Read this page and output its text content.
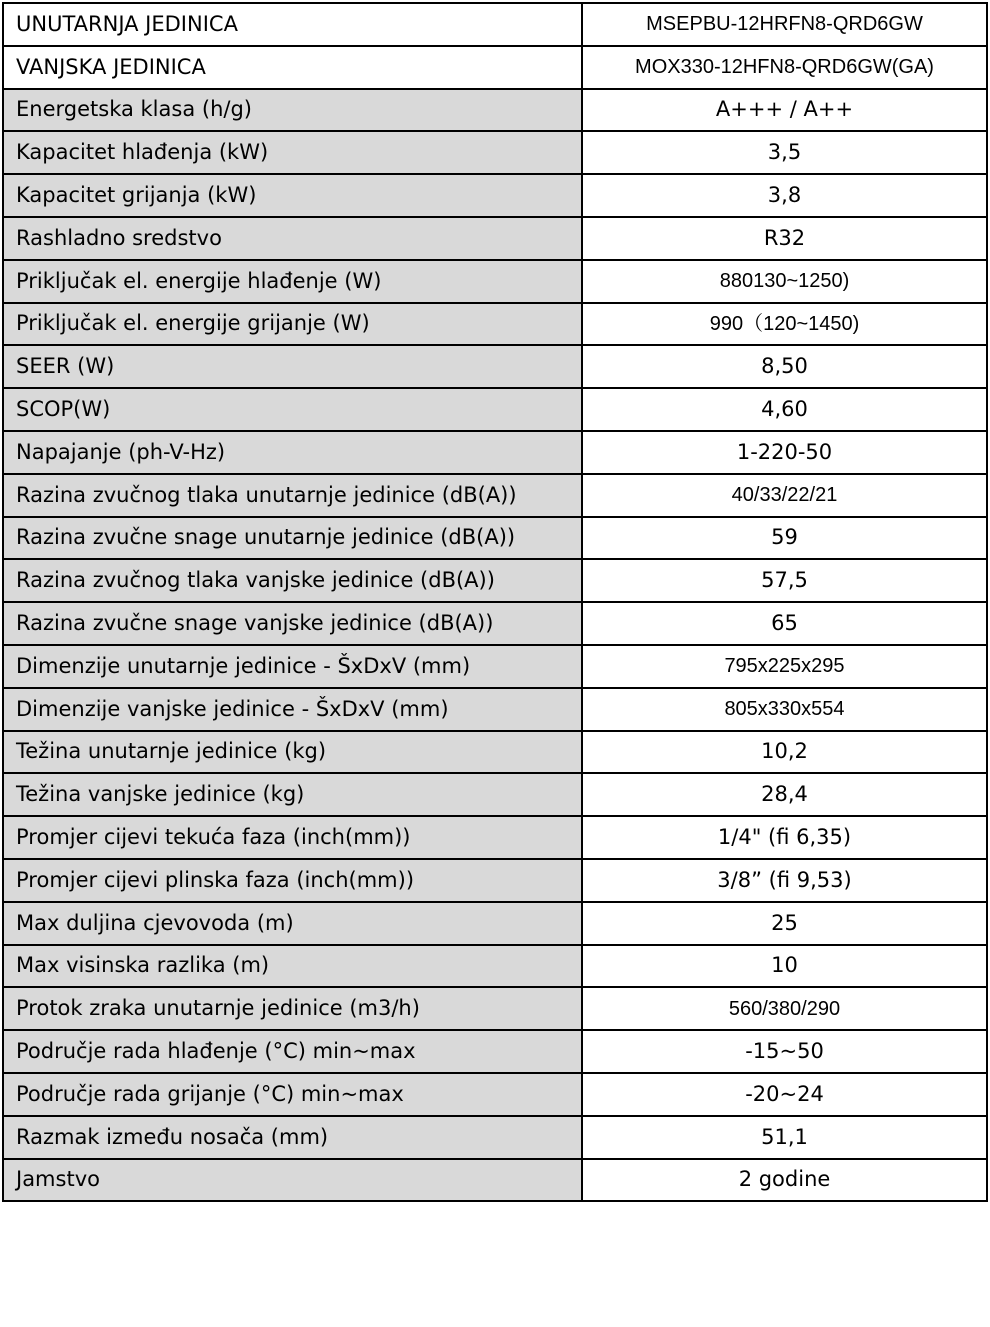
UNUTARNJA JEDINICA	MSEPBU-12HRFN8-QRD6GW
VANJSKA JEDINICA	MOX330-12HFN8-QRD6GW(GA)
Energetska klasa (h/g)	A+++ / A++
Kapacitet hlađenja (kW)	3,5
Kapacitet grijanja (kW)	3,8
Rashladno sredstvo	R32
Priključak el. energije hlađenje (W)	880130~1250)
Priključak el. energije grijanje (W)	990（120~1450)
SEER (W)	8,50
SCOP(W)	4,60
Napajanje (ph-V-Hz)	1-220-50
Razina zvučnog tlaka unutarnje jedinice (dB(A))	40/33/22/21
Razina zvučne snage unutarnje jedinice (dB(A))	59
Razina zvučnog tlaka vanjske jedinice (dB(A))	57,5
Razina zvučne snage vanjske jedinice (dB(A))	65
Dimenzije unutarnje jedinice - ŠxDxV (mm)	795x225x295
Dimenzije vanjske jedinice - ŠxDxV (mm)	805x330x554
Težina unutarnje jedinice (kg)	10,2
Težina vanjske jedinice (kg)	28,4
Promjer cijevi tekuća faza (inch(mm))	1/4" (fi 6,35)
Promjer cijevi plinska faza (inch(mm))	3/8” (fi 9,53)
Max duljina cjevovoda (m)	25
Max visinska razlika (m)	10
Protok zraka unutarnje jedinice (m3/h)	560/380/290
Područje rada hlađenje (°C) min~max	-15~50
Područje rada grijanje (°C) min~max	-20~24
Razmak između nosača (mm)	51,1
Jamstvo	2 godine
